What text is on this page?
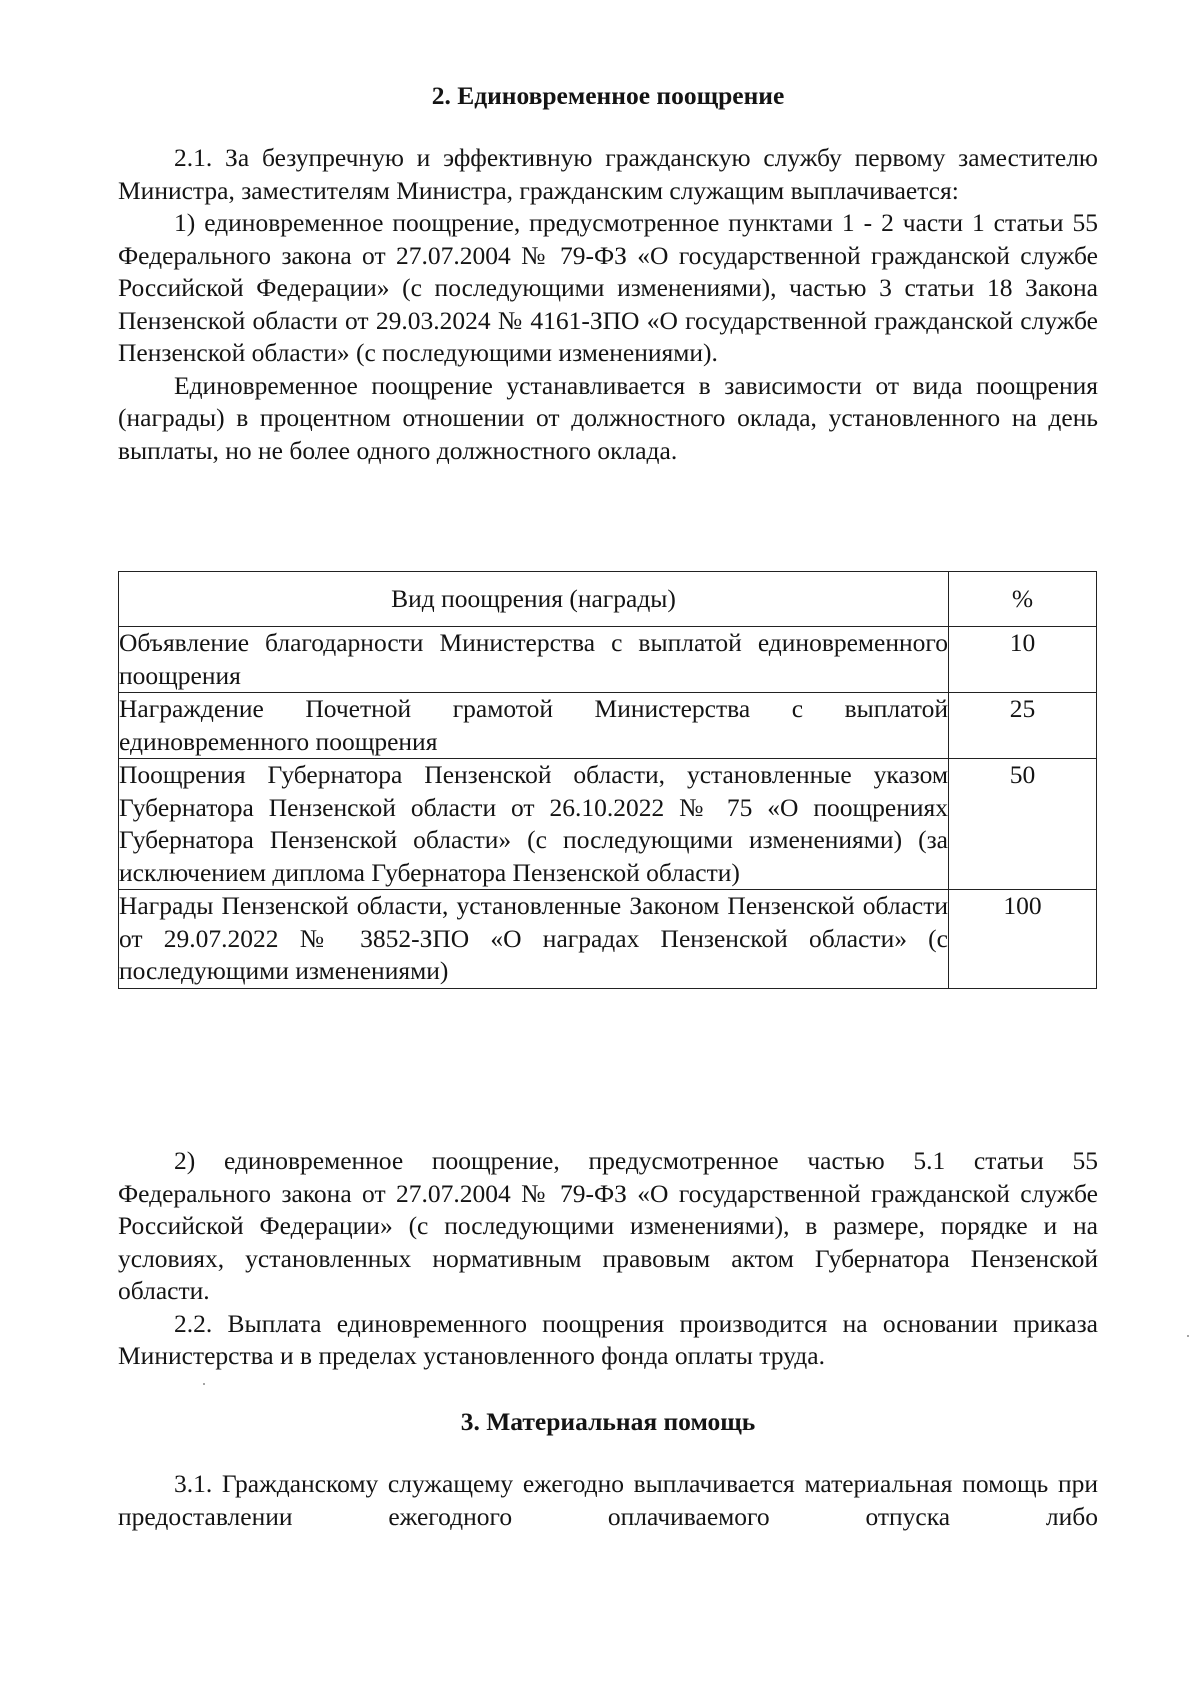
2. Единовременное поощрение

2.1. За безупречную и эффективную гражданскую службу первому заместителю Министра, заместителям Министра, гражданским служащим выплачивается:

1) единовременное поощрение, предусмотренное пунктами 1 - 2 части 1 статьи 55 Федерального закона от 27.07.2004 № 79-ФЗ «О государственной гражданской службе Российской Федерации» (с последующими изменениями), частью 3 статьи 18 Закона Пензенской области от 29.03.2024 № 4161-ЗПО «О государственной гражданской службе Пензенской области» (с последующими изменениями).

Единовременное поощрение устанавливается в зависимости от вида поощрения (награды) в процентном отношении от должностного оклада, установленного на день выплаты, но не более одного должностного оклада.

Вид поощрения (награды)	%
Объявление благодарности Министерства с выплатой единовременного поощрения	10
Награждение Почетной грамотой Министерства с выплатой единовременного поощрения	25
Поощрения Губернатора Пензенской области, установленные указом Губернатора Пензенской области от 26.10.2022 № 75 «О поощрениях Губернатора Пензенской области» (с последующими изменениями) (за исключением диплома Губернатора Пензенской области)	50
Награды Пензенской области, установленные Законом Пензенской области от 29.07.2022 № 3852-ЗПО «О наградах Пензенской области» (с последующими изменениями)	100

2) единовременное поощрение, предусмотренное частью 5.1 статьи 55 Федерального закона от 27.07.2004 № 79-ФЗ «О государственной гражданской службе Российской Федерации» (с последующими изменениями), в размере, порядке и на условиях, установленных нормативным правовым актом Губернатора Пензенской области.

2.2. Выплата единовременного поощрения производится на основании приказа Министерства и в пределах установленного фонда оплаты труда.

3. Материальная помощь

3.1. Гражданскому служащему ежегодно выплачивается материальная помощь при предоставлении ежегодного оплачиваемого отпуска либо
